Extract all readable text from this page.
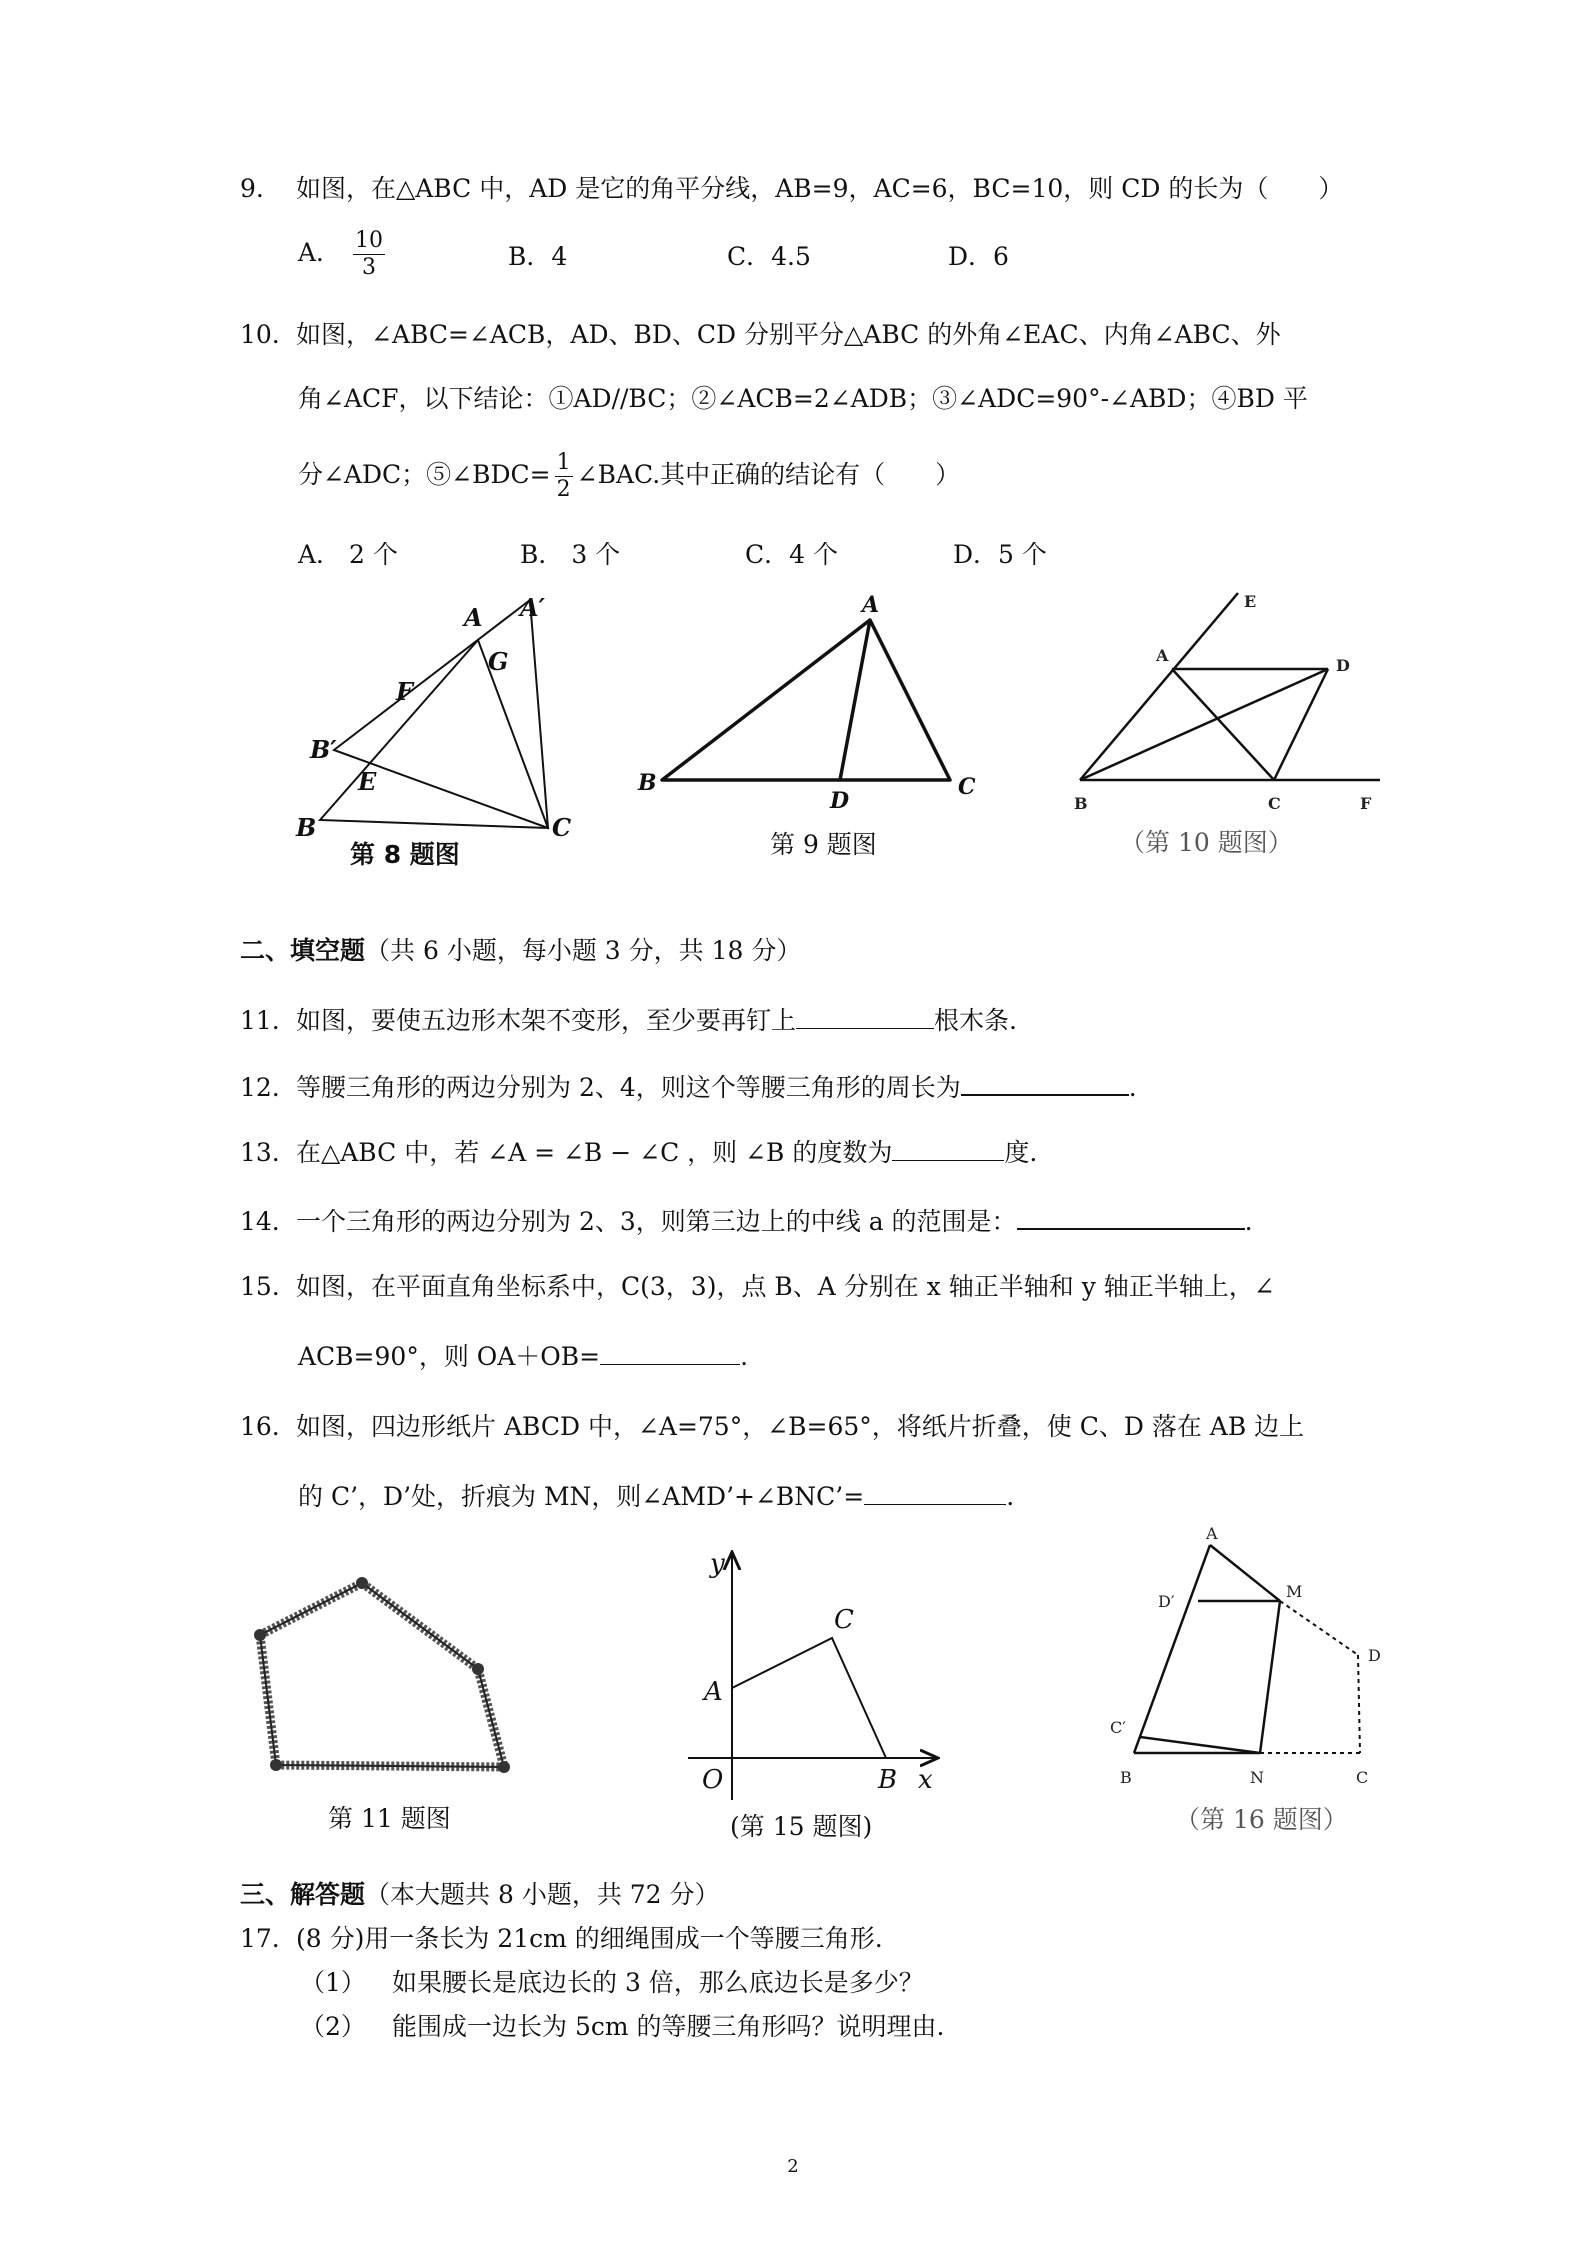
9. 如图，在△ABC 中，AD 是它的角平分线，AB=9，AC=6，BC=10，则 CD 的长为（　　）
A． $\frac{10}{3}$	B．4	C．4.5	D．6
10. 如图，∠ABC=∠ACB，AD、BD、CD 分别平分△ABC 的外角∠EAC、内角∠ABC、外
角∠ACF，以下结论：①AD//BC；②∠ACB=2∠ADB；③∠ADC=90°-∠ABD；④BD 平
分∠ADC；⑤∠BDC= $\frac{1}{2}$ ∠BAC.其中正确的结论有（　　）
A． 2 个	B． 3 个	C．4 个	D．5 个
A A′
G
F
B′
E
B	C
第 8 题图
A
B
D
C
第 9 题图
E
A
D
B	C	F
（第 10 题图）
二、填空题（共 6 小题，每小题 3 分，共 18 分）
11. 如图，要使五边形木架不变形，至少要再钉上	根木条.
12. 等腰三角形的两边分别为 2、4，则这个等腰三角形的周长为	.
13. 在△ABC 中，若 ∠A = ∠B − ∠C ，则 ∠B 的度数为	度.
14. 一个三角形的两边分别为 2、3，则第三边上的中线 a 的范围是：	.
15. 如图，在平面直角坐标系中，C(3，3)，点 B、A 分别在 x 轴正半轴和 y 轴正半轴上，∠
ACB=90°，则 OA＋OB=	.
16. 如图，四边形纸片 ABCD 中，∠A=75°，∠B=65°，将纸片折叠，使 C、D 落在 AB 边上
的 C’，D’处，折痕为 MN，则∠AMD’+∠BNC’=	.
第 11 题图
y
C
A
O	B x
(第 15 题图)
A
D′
M
D
C′
B	N	C
（第 16 题图）
三、解答题（本大题共 8 小题，共 72 分）
17. (8 分)用一条长为 21cm 的细绳围成一个等腰三角形.
（1） 如果腰长是底边长的 3 倍，那么底边长是多少？
（2） 能围成一边长为 5cm 的等腰三角形吗？说明理由.
2
